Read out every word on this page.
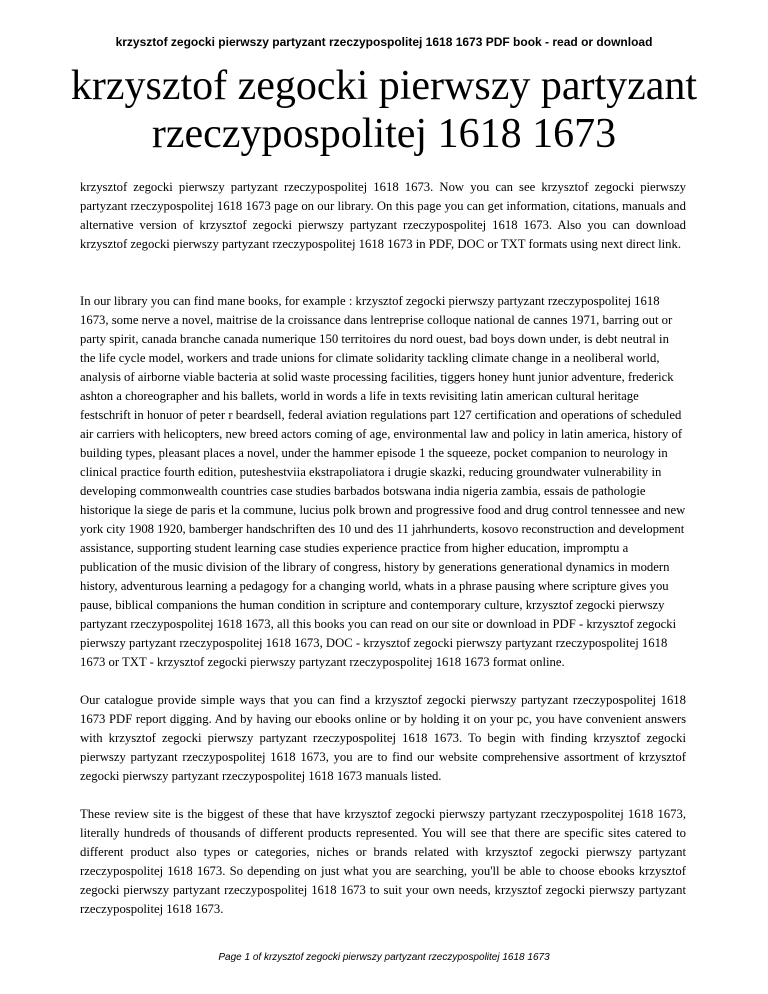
krzysztof zegocki pierwszy partyzant rzeczypospolitej 1618 1673 PDF book - read or download
krzysztof zegocki pierwszy partyzant rzeczypospolitej 1618 1673

krzysztof zegocki pierwszy partyzant rzeczypospolitej 1618 1673. Now you can see krzysztof zegocki pierwszy partyzant rzeczypospolitej 1618 1673 page on our library. On this page you can get information, citations, manuals and alternative version of krzysztof zegocki pierwszy partyzant rzeczypospolitej 1618 1673. Also you can download krzysztof zegocki pierwszy partyzant rzeczypospolitej 1618 1673 in PDF, DOC or TXT formats using next direct link.

In our library you can find mane books, for example : krzysztof zegocki pierwszy partyzant rzeczypospolitej 1618 1673, some nerve a novel, maitrise de la croissance dans lentreprise colloque national de cannes 1971, barring out or party spirit, canada branche canada numerique 150 territoires du nord ouest, bad boys down under, is debt neutral in the life cycle model, workers and trade unions for climate solidarity tackling climate change in a neoliberal world, analysis of airborne viable bacteria at solid waste processing facilities, tiggers honey hunt junior adventure, frederick ashton a choreographer and his ballets, world in words a life in texts revisiting latin american cultural heritage festschrift in honuor of peter r beardsell, federal aviation regulations part 127 certification and operations of scheduled air carriers with helicopters, new breed actors coming of age, environmental law and policy in latin america, history of building types, pleasant places a novel, under the hammer episode 1 the squeeze, pocket companion to neurology in clinical practice fourth edition, puteshestviia ekstrapoliatora i drugie skazki, reducing groundwater vulnerability in developing commonwealth countries case studies barbados botswana india nigeria zambia, essais de pathologie historique la siege de paris et la commune, lucius polk brown and progressive food and drug control tennessee and new york city 1908 1920, bamberger handschriften des 10 und des 11 jahrhunderts, kosovo reconstruction and development assistance, supporting student learning case studies experience practice from higher education, impromptu a publication of the music division of the library of congress, history by generations generational dynamics in modern history, adventurous learning a pedagogy for a changing world, whats in a phrase pausing where scripture gives you pause, biblical companions the human condition in scripture and contemporary culture, krzysztof zegocki pierwszy partyzant rzeczypospolitej 1618 1673, all this books you can read on our site or download in PDF - krzysztof zegocki pierwszy partyzant rzeczypospolitej 1618 1673, DOC - krzysztof zegocki pierwszy partyzant rzeczypospolitej 1618 1673 or TXT - krzysztof zegocki pierwszy partyzant rzeczypospolitej 1618 1673 format online.

Our catalogue provide simple ways that you can find a krzysztof zegocki pierwszy partyzant rzeczypospolitej 1618 1673 PDF report digging. And by having our ebooks online or by holding it on your pc, you have convenient answers with krzysztof zegocki pierwszy partyzant rzeczypospolitej 1618 1673. To begin with finding krzysztof zegocki pierwszy partyzant rzeczypospolitej 1618 1673, you are to find our website comprehensive assortment of krzysztof zegocki pierwszy partyzant rzeczypospolitej 1618 1673 manuals listed.

These review site is the biggest of these that have krzysztof zegocki pierwszy partyzant rzeczypospolitej 1618 1673, literally hundreds of thousands of different products represented. You will see that there are specific sites catered to different product also types or categories, niches or brands related with krzysztof zegocki pierwszy partyzant rzeczypospolitej 1618 1673. So depending on just what you are searching, you'll be able to choose ebooks krzysztof zegocki pierwszy partyzant rzeczypospolitej 1618 1673 to suit your own needs, krzysztof zegocki pierwszy partyzant rzeczypospolitej 1618 1673.

Page 1 of krzysztof zegocki pierwszy partyzant rzeczypospolitej 1618 1673
